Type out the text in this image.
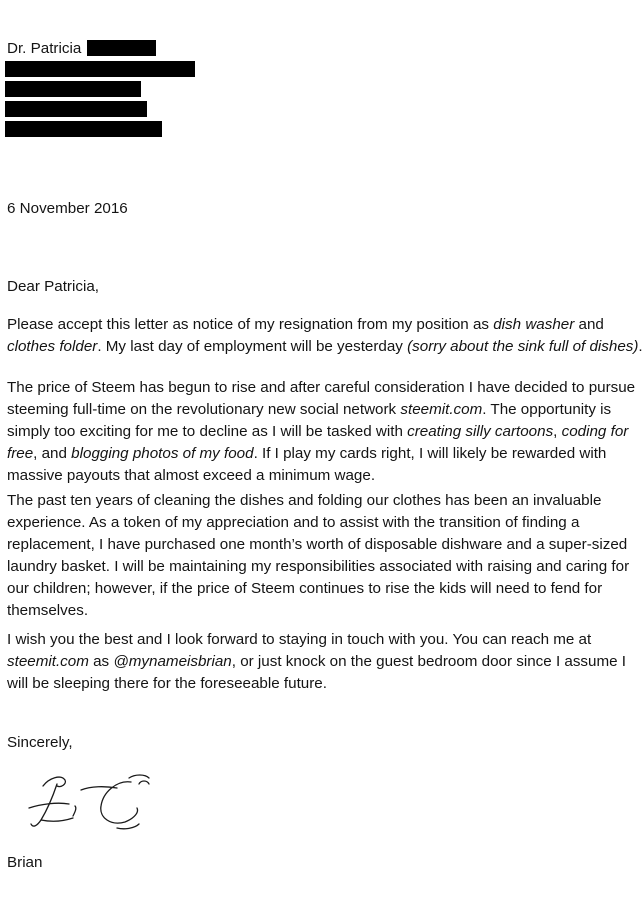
Dr. Patricia
6 November 2016
Dear Patricia,
Please accept this letter as notice of my resignation from my position as dish washer and
clothes folder. My last day of employment will be yesterday (sorry about the sink full of dishes).
The price of Steem has begun to rise and after careful consideration I have decided to pursue
steeming full-time on the revolutionary new social network steemit.com. The opportunity is
simply too exciting for me to decline as I will be tasked with creating silly cartoons, coding for
free, and blogging photos of my food. If I play my cards right, I will likely be rewarded with
massive payouts that almost exceed a minimum wage.
The past ten years of cleaning the dishes and folding our clothes has been an invaluable
experience. As a token of my appreciation and to assist with the transition of finding a
replacement, I have purchased one month’s worth of disposable dishware and a super-sized
laundry basket. I will be maintaining my responsibilities associated with raising and caring for
our children; however, if the price of Steem continues to rise the kids will need to fend for
themselves.
I wish you the best and I look forward to staying in touch with you. You can reach me at
steemit.com as @mynameisbrian, or just knock on the guest bedroom door since I assume I
will be sleeping there for the foreseeable future.
Sincerely,
Brian
